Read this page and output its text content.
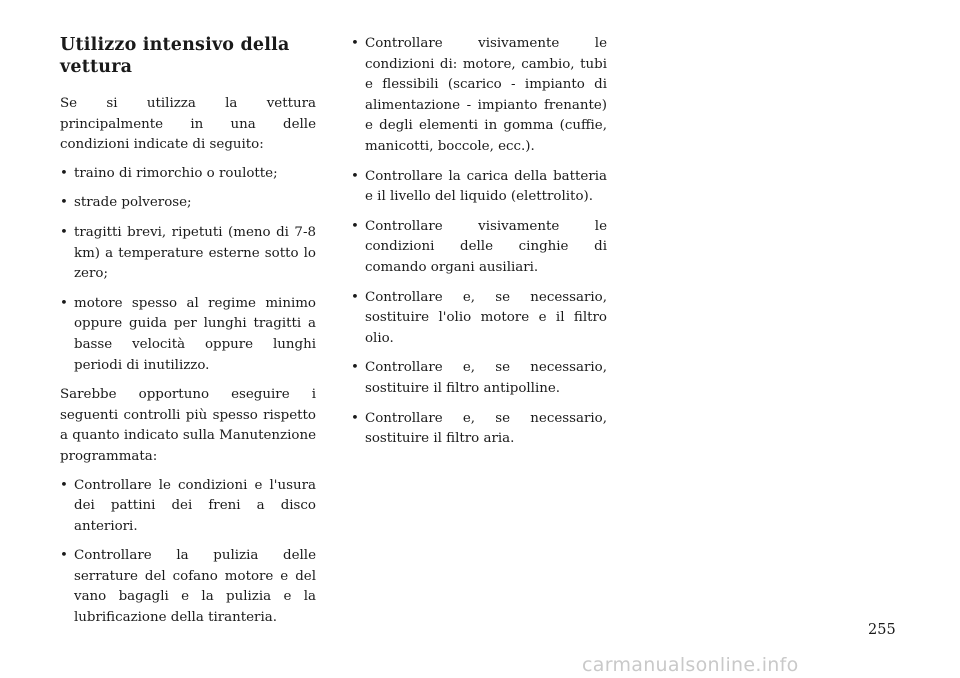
Utilizzo intensivo della vettura

Se si utilizza la vettura principalmente in una delle condizioni indicate di seguito:

• traino di rimorchio o roulotte;
• strade polverose;
• tragitti brevi, ripetuti (meno di 7-8 km) a temperature esterne sotto lo zero;
• motore spesso al regime minimo oppure guida per lunghi tragitti a basse velocità oppure lunghi periodi di inutilizzo.

Sarebbe opportuno eseguire i seguenti controlli più spesso rispetto a quanto indicato sulla Manutenzione programmata:

• Controllare le condizioni e l'usura dei pattini dei freni a disco anteriori.
• Controllare la pulizia delle serrature del cofano motore e del vano bagagli e la pulizia e la lubrificazione della tiranteria.
• Controllare visivamente le condizioni di: motore, cambio, tubi e flessibili (scarico - impianto di alimentazione - impianto frenante) e degli elementi in gomma (cuffie, manicotti, boccole, ecc.).
• Controllare la carica della batteria e il livello del liquido (elettrolito).
• Controllare visivamente le condizioni delle cinghie di comando organi ausiliari.
• Controllare e, se necessario, sostituire l'olio motore e il filtro olio.
• Controllare e, se necessario, sostituire il filtro antipolline.
• Controllare e, se necessario, sostituire il filtro aria.
255
carmanualsonline.info
